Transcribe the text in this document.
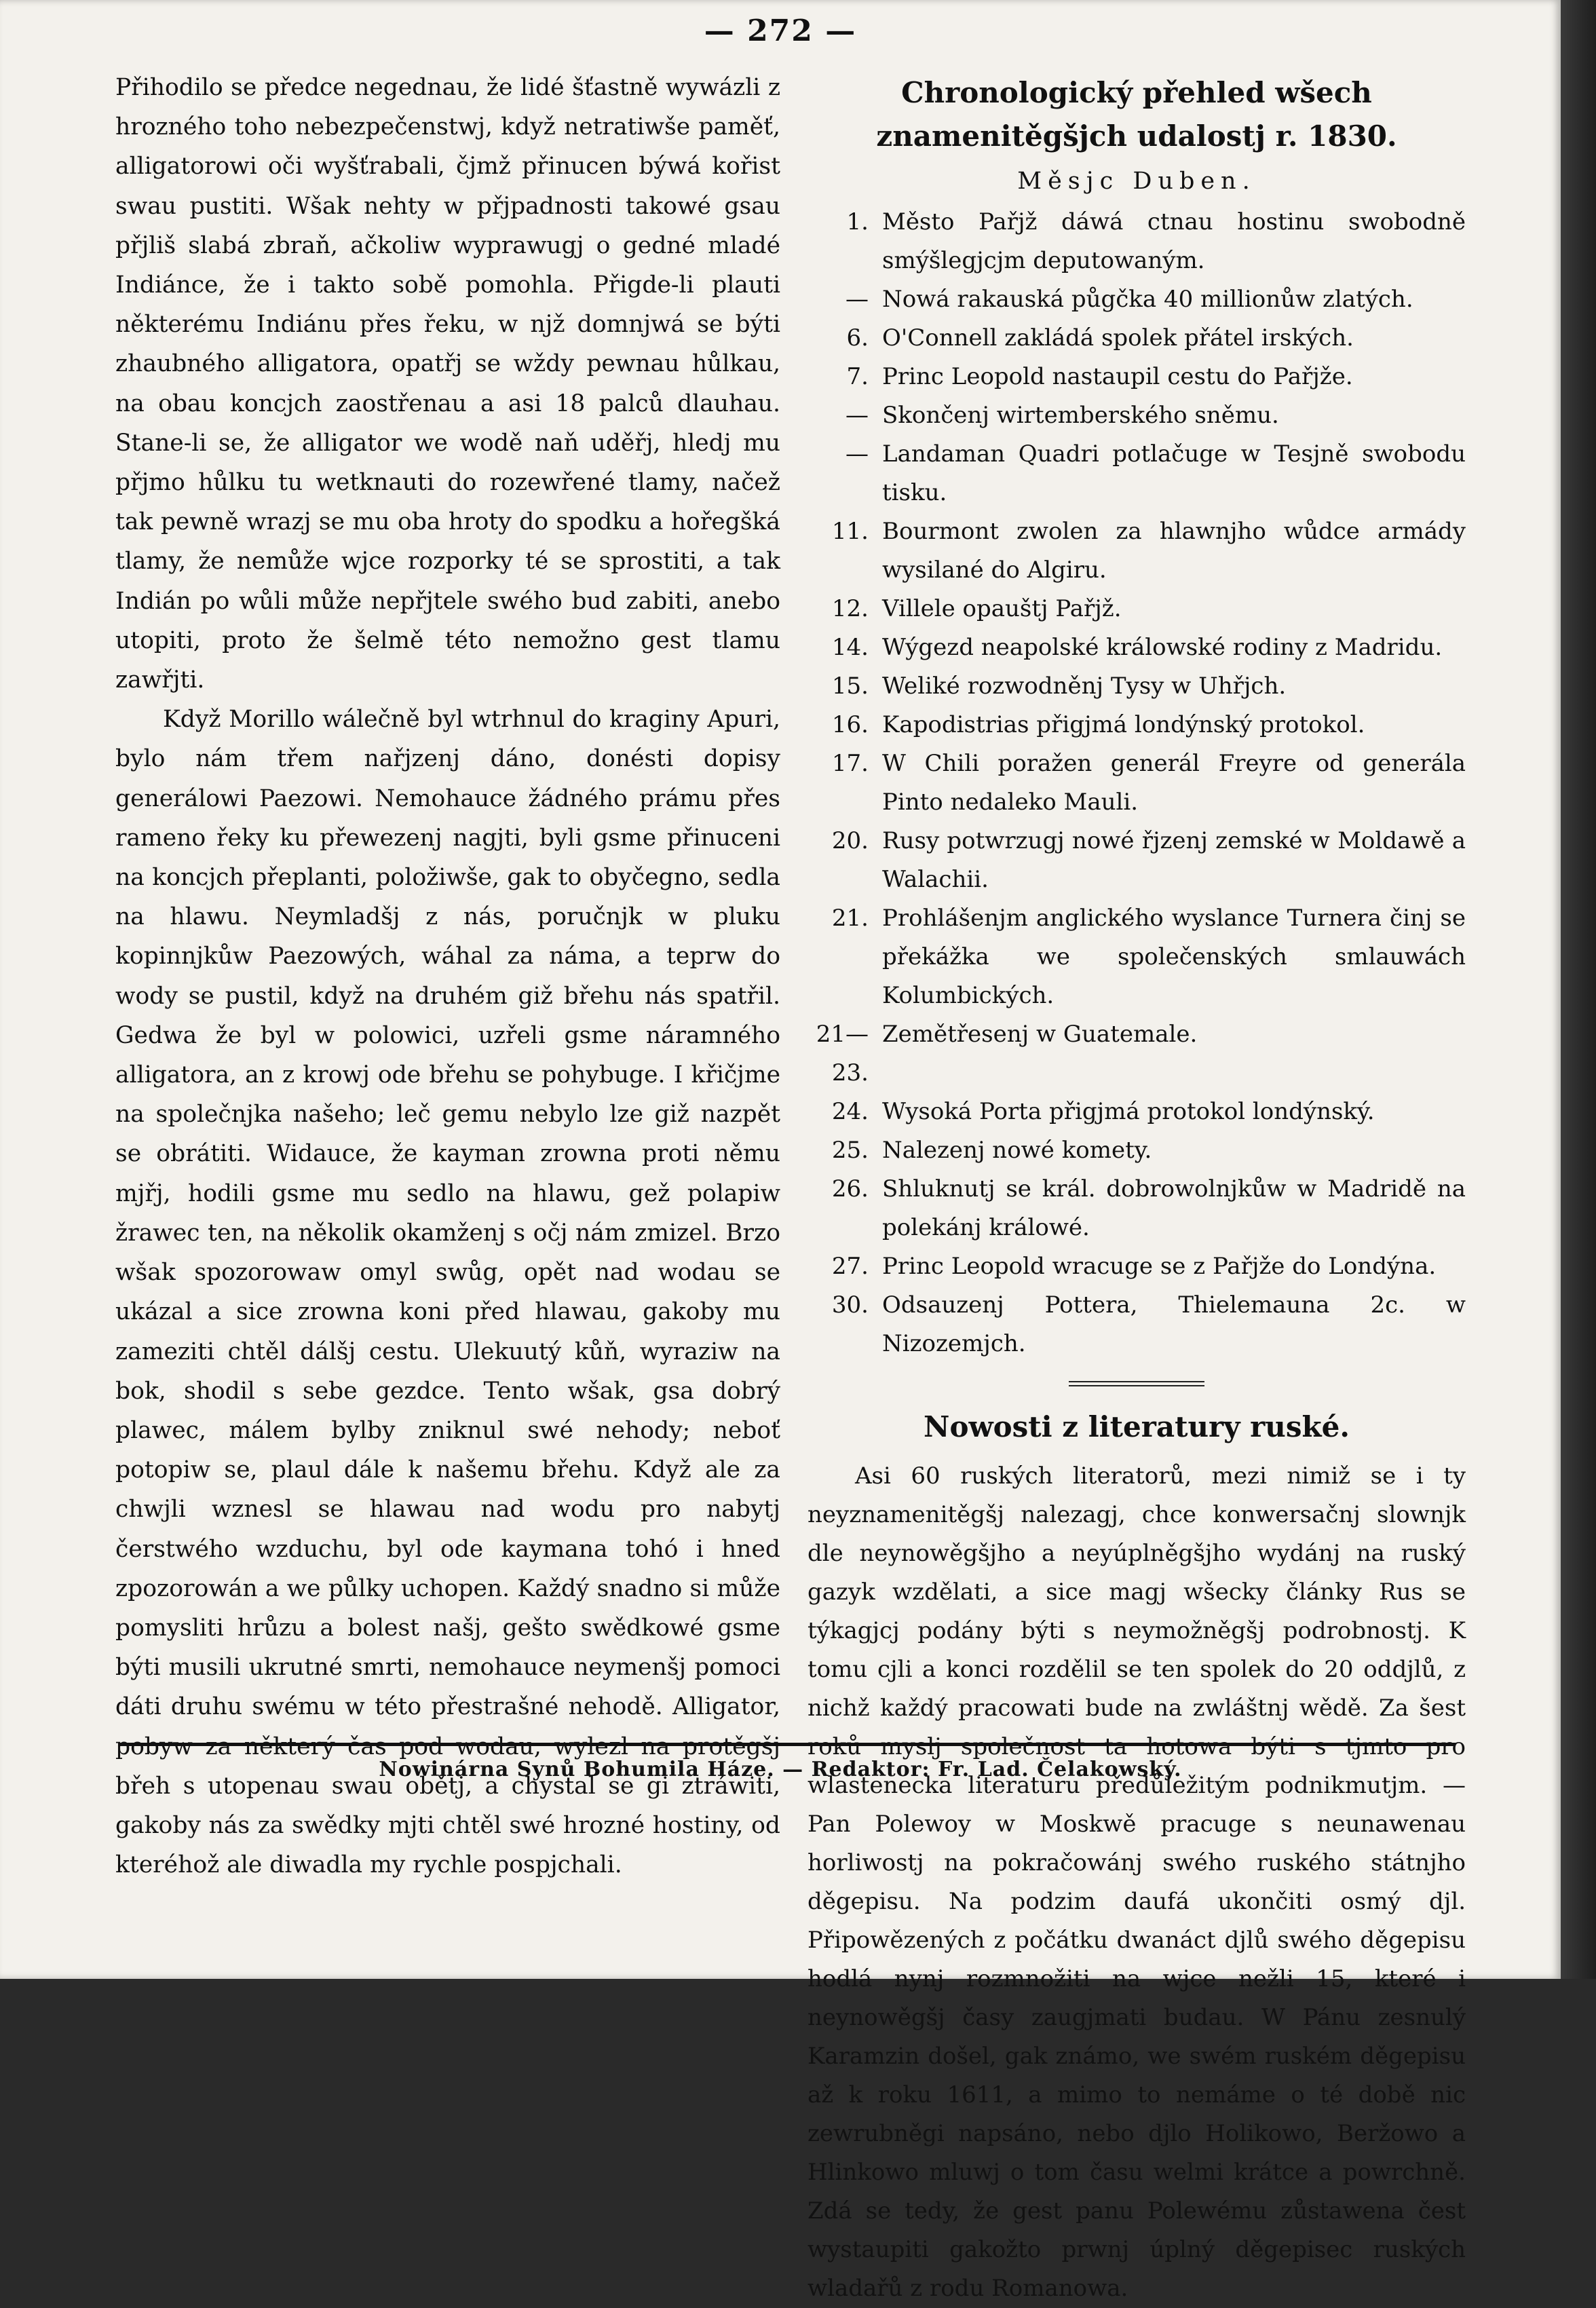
— 272 —

Přihodilo se předce negednau, že lidé šťastně wywázli z hrozného toho nebezpečenstwj, když netratiwše paměť, alligatorowi oči wyšťrabali, čjmž přinucen býwá kořist swau pustiti. Wšak nehty w přjpadnosti takowé gsau přjliš slabá zbraň, ačkoliw wyprawugj o gedné mladé Indiánce, že i takto sobě pomohla. Přigde-li plauti některému Indiánu přes řeku, w njž domnjwá se býti zhaubného alligatora, opatřj se wždy pewnau hůlkau, na obau koncjch zaostřenau a asi 18 palců dlauhau. Stane-li se, že alligator we wodě naň uděřj, hledj mu přjmo hůlku tu wetknauti do rozewřené tlamy, načež tak pewně wrazj se mu oba hroty do spodku a hořegšká tlamy, že nemůže wjce rozporky té se sprostiti, a tak Indián po wůli může nepřjtele swého bud zabiti, anebo utopiti, proto že šelmě této nemožno gest tlamu zawřjti.

Když Morillo wálečně byl wtrhnul do kraginy Apuri, bylo nám třem nařjzenj dáno, donésti dopisy generálowi Paezowi. Nemohauce žádného prámu přes rameno řeky ku přewezenj nagjti, byli gsme přinuceni na koncjch přeplanti, položiwše, gak to obyčegno, sedla na hlawu. Neymladšj z nás, poručnjk w pluku kopinnjkůw Paezowých, wáhal za náma, a teprw do wody se pustil, když na druhém giž břehu nás spatřil. Gedwa že byl w polowici, uzřeli gsme náramného alligatora, an z krowj ode břehu se pohybuge. I křičjme na společnjka našeho; leč gemu nebylo lze giž nazpět se obrátiti. Widauce, že kayman zrowna proti němu mjřj, hodili gsme mu sedlo na hlawu, gež polapiw žrawec ten, na několik okamženj s očj nám zmizel. Brzo wšak spozorowaw omyl swůg, opět nad wodau se ukázal a sice zrowna koni před hlawau, gakoby mu zameziti chtěl dálšj cestu. Ulekuutý kůň, wyraziw na bok, shodil s sebe gezdce. Tento wšak, gsa dobrý plawec, málem bylby zniknul swé nehody; neboť potopiw se, plaul dále k našemu břehu. Když ale za chwjli wznesl se hlawau nad wodu pro nabytj čerstwého wzduchu, byl ode kaymana tohó i hned zpozorowán a we půlky uchopen. Každý snadno si může pomysliti hrůzu a bolest našj, gešto swědkowé gsme býti musili ukrutné smrti, nemohauce neymenšj pomoci dáti druhu swému w této přestrašné nehodě. Alligator, pobyw za některý čas pod wodau, wylezl na protěgšj břeh s utopenau swau obětj, a chystal se gi ztráwiti, gakoby nás za swědky mjti chtěl swé hrozné hostiny, od kteréhož ale diwadla my rychle pospjchali.

Chronologický přehled wšech znamenitěgšjch udalostj r. 1830.
Měsjc Duben.
1. Město Pařjž dáwá ctnau hostinu swobodně smýšlegjcjm deputowaným.
— Nowá rakauská půgčka 40 millionůw zlatých.
6. O'Connell zakládá spolek přátel irských.
7. Princ Leopold nastaupil cestu do Pařjže.
— Skončenj wirtemberského sněmu.
— Landaman Quadri potlačuge w Tesjně swobodu tisku.
11. Bourmont zwolen za hlawnjho wůdce armády wysilané do Algiru.
12. Villele opauštj Pařjž.
14. Wýgezd neapolské králowské rodiny z Madridu.
15. Weliké rozwodněnj Tysy w Uhřjch.
16. Kapodistrias přigjmá londýnský protokol.
17. W Chili poražen generál Freyre od generála Pinto nedaleko Mauli.
20. Rusy potwrzugj nowé řjzenj zemské w Moldawě a Walachii.
21. Prohlášenjm anglického wyslance Turnera činj se překážka we společenských smlauwách Kolumbických.
21—23.
Zemětřesenj w Guatemale.
24. Wysoká Porta přigjmá protokol londýnský.
25. Nalezenj nowé komety.
26. Shluknutj se král. dobrowolnjkůw w Madridě na polekánj králowé.
27. Princ Leopold wracuge se z Pařjže do Londýna.
30. Odsauzenj Pottera, Thielemauna 2c. w Nizozemjch.
Nowosti z literatury ruské.

Asi 60 ruských literatorů, mezi nimiž se i ty neyznamenitěgšj nalezagj, chce konwersačnj slownjk dle neynowěgšjho a neyúplněgšjho wydánj na ruský gazyk wzdělati, a sice magj wšecky články Rus se týkagjcj podány býti s neymožněgšj podrobnostj. K tomu cjli a konci rozdělil se ten spolek do 20 oddjlů, z nichž každý pracowati bude na zwláštnj wědě. Za šest roků myslj společnost ta hotowa býti s tjmto pro wlastenecka literaturu předůležitým podnikmutjm. — Pan Polewoy w Moskwě pracuge s neunawenau horliwostj na pokračowánj swého ruského státnjho děgepisu. Na podzim daufá ukončiti osmý djl. Připowězených z počátku dwanáct djlů swého děgepisu hodlá nynj rozmnožiti na wjce nežli 15, které i neynowěgšj časy zaugjmati budau. W Pánu zesnulý Karamzin došel, gak známo, we swém ruském děgepisu až k roku 1611, a mimo to nemáme o té době nic zewrubněgi napsáno, nebo djlo Holikowo, Beržowo a Hlinkowo mluwj o tom času welmi krátce a powrchně. Zdá se tedy, že gest panu Polewému zůstawena čest wystaupiti gakožto prwnj úplný děgepisec ruských wladařů z rodu Romanowa.

Nowinárna Synů Bohumila Háze. — Redaktor: Fr. Lad. Čelakowský.
